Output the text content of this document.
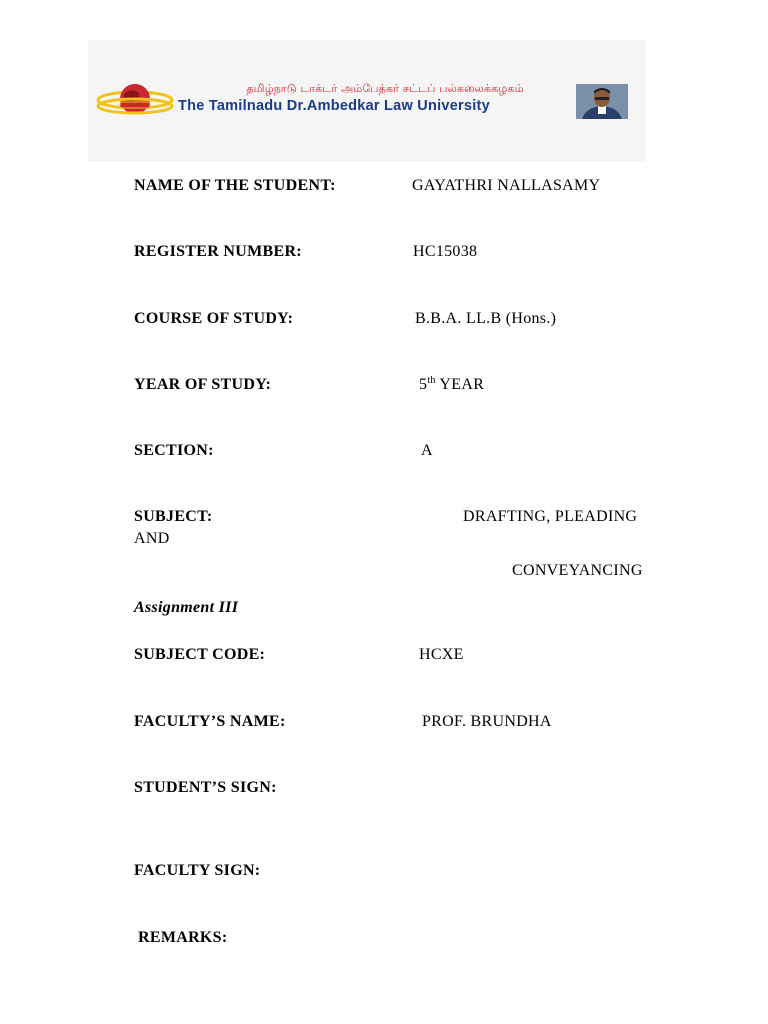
தமிழ்நாடு டாக்டர் அம்பேத்கர் சட்டப் பல்கலைக்கழகம்
The Tamilnadu Dr.Ambedkar Law University
NAME OF THE STUDENT:	GAYATHRI NALLASAMY
REGISTER NUMBER:	HC15038
COURSE OF STUDY:	B.B.A. LL.B (Hons.)
YEAR OF STUDY:	5th YEAR
SECTION:	A
SUBJECT:	DRAFTING, PLEADING
AND
CONVEYANCING
Assignment III
SUBJECT CODE:	HCXE
FACULTY’S NAME:	PROF. BRUNDHA
STUDENT’S SIGN:
FACULTY SIGN:
REMARKS:
